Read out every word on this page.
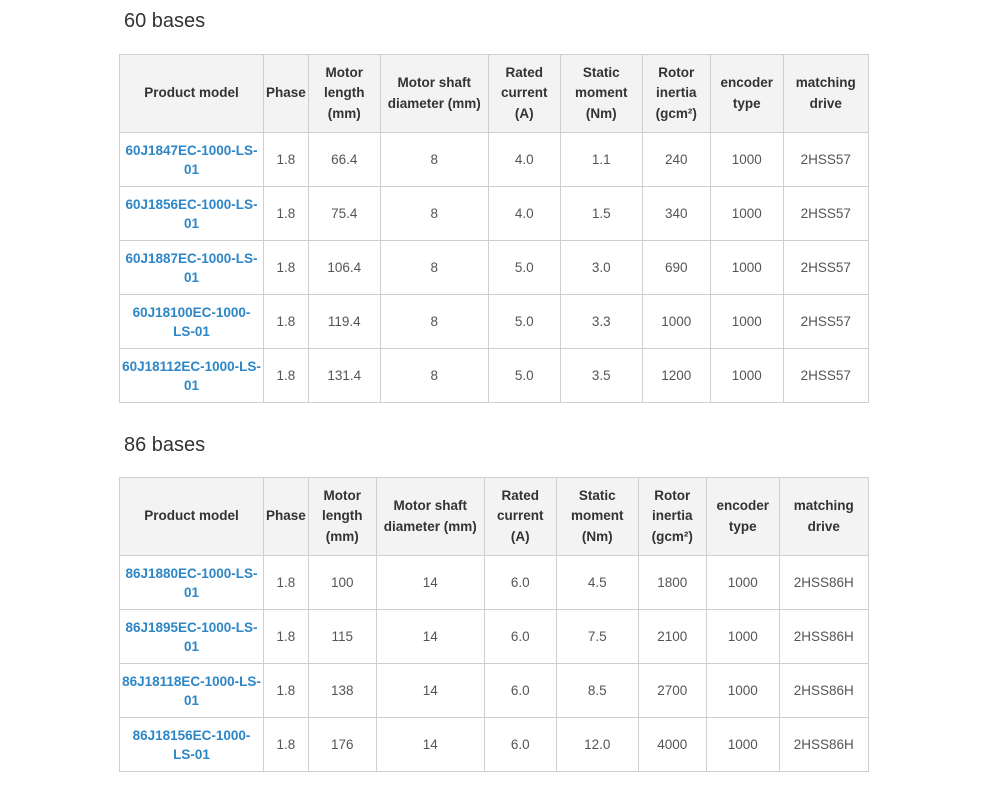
60 bases
Product model	Phase	Motor length (mm)	Motor shaft diameter (mm)	Rated current (A)	Static moment (Nm)	Rotor inertia (gcm²)	encoder type	matching drive
60J1847EC-1000-LS-01	1.8	66.4	8	4.0	1.1	240	1000	2HSS57
60J1856EC-1000-LS-01	1.8	75.4	8	4.0	1.5	340	1000	2HSS57
60J1887EC-1000-LS-01	1.8	106.4	8	5.0	3.0	690	1000	2HSS57
60J18100EC-1000-LS-01	1.8	119.4	8	5.0	3.3	1000	1000	2HSS57
60J18112EC-1000-LS-01	1.8	131.4	8	5.0	3.5	1200	1000	2HSS57
86 bases
Product model	Phase	Motor length (mm)	Motor shaft diameter (mm)	Rated current (A)	Static moment (Nm)	Rotor inertia (gcm²)	encoder type	matching drive
86J1880EC-1000-LS-01	1.8	100	14	6.0	4.5	1800	1000	2HSS86H
86J1895EC-1000-LS-01	1.8	115	14	6.0	7.5	2100	1000	2HSS86H
86J18118EC-1000-LS-01	1.8	138	14	6.0	8.5	2700	1000	2HSS86H
86J18156EC-1000-LS-01	1.8	176	14	6.0	12.0	4000	1000	2HSS86H
